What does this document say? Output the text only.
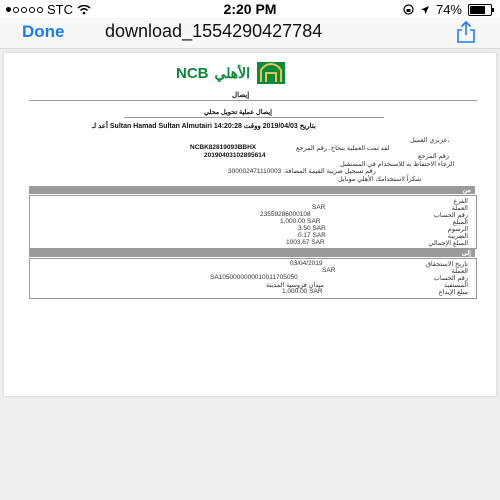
STC	2:20 PM	74%
Done download_1554290427784
NCB الأهلي
إيصال
إيصال عملية تحويل محلي
أعد لـ Sultan Hamad Sultan Almutairi بتاريخ 2019/04/03 ووقت 14:20:28
عزيزي العميل،
لقد تمت العملية بنجاح، رقم المرجع
NCBK82819093BBHX
رقم المرجع
20190403102895614
الرجاء الاحتفاظ به للاستخدام في المستقبل
رقم تسجيل ضريبة القيمة المضافة: 300002471110003
شكراً لاستخدامك الأهلي موبايل
من
الفرع
العملة
SAR
رقم الحساب
23559286000108
المبلغ
1,000.00 SAR
الرسوم
3.50 SAR
الضريبة
0.17 SAR
المبلغ الإجمالي
1003.67 SAR
إلى
تاريخ الاستحقاق
03/04/2019
العملة
SAR
رقم الحساب
SA1050000000010011705050
المستفيد
ميدان فروسية المدينة
مبلغ الإيداع
1,000.00 SAR
